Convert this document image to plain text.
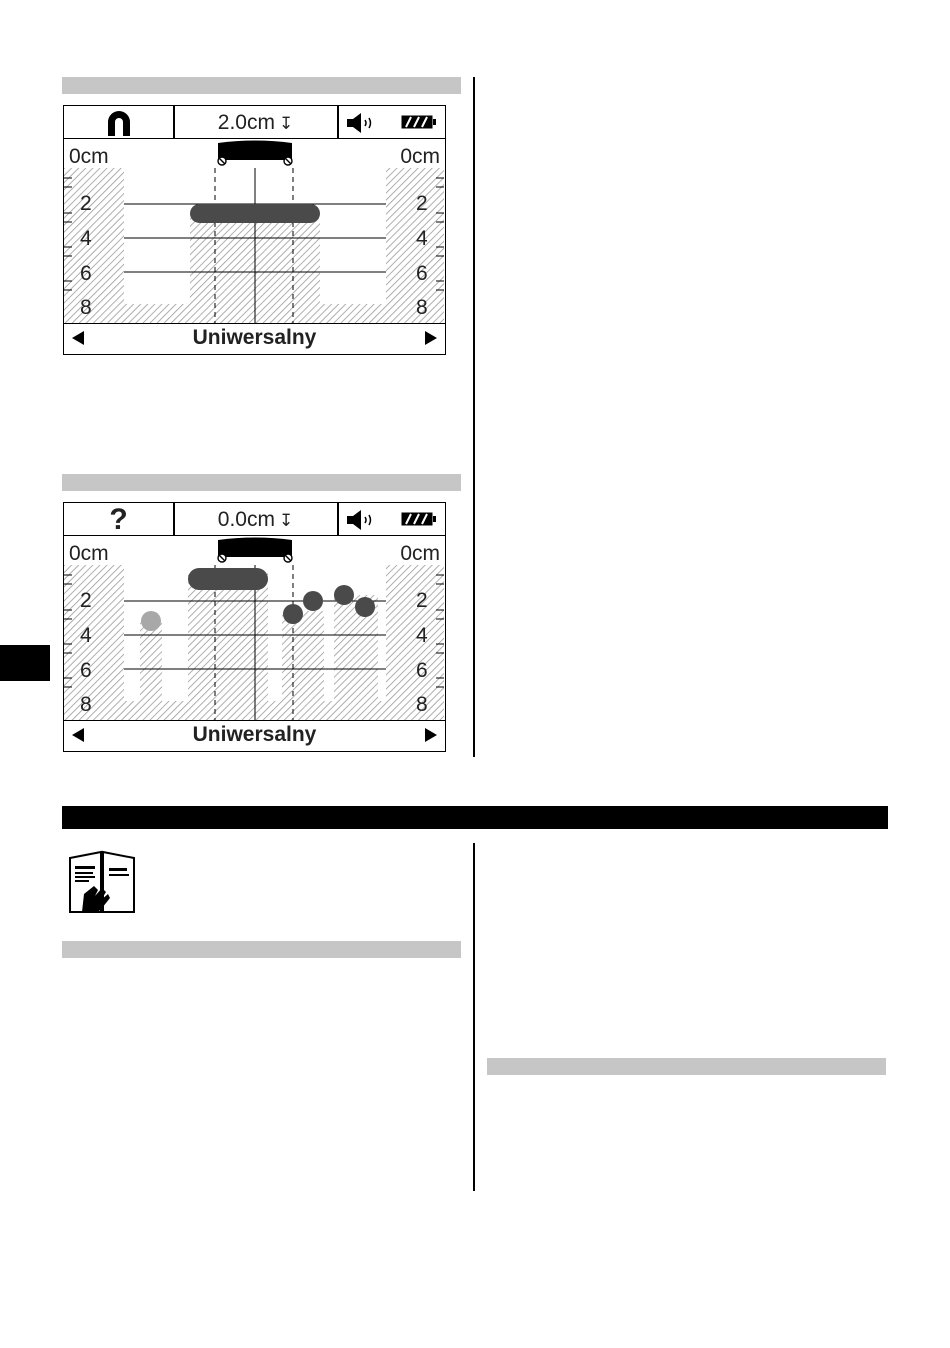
2.0cm ↧
0cm	0cm
2
4
6
8
2
4
6
8
Uniwersalny
?	0.0cm ↧
0cm	0cm
2
4
6
8
2
4
6
8
Uniwersalny
